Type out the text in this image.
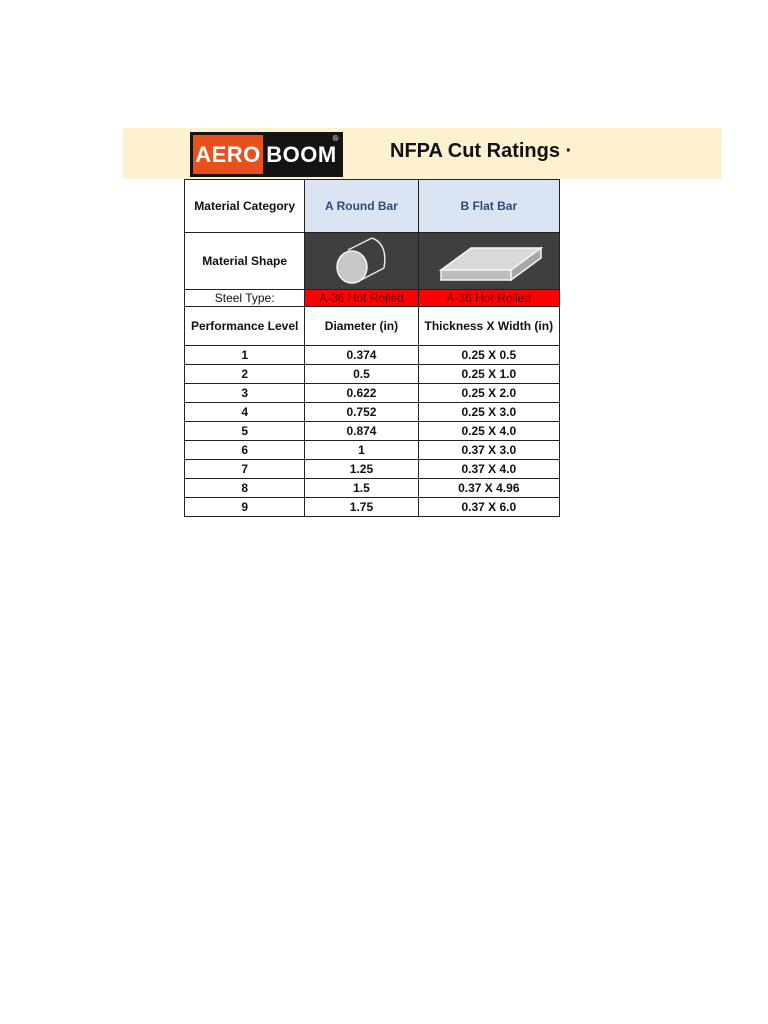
AERO BOOM
®
NFPA Cut Ratings ·
Material Category	A Round Bar	B Flat Bar
Material Shape	

Steel Type:	A-36 Hot Rolled	A-36 Hot Rolled
Performance Level	Diameter (in)	Thickness X Width (in)
1	0.374	0.25 X 0.5
2	0.5	0.25 X 1.0
3	0.622	0.25 X 2.0
4	0.752	0.25 X 3.0
5	0.874	0.25 X 4.0
6	1	0.37 X 3.0
7	1.25	0.37 X 4.0
8	1.5	0.37 X 4.96
9	1.75	0.37 X 6.0
